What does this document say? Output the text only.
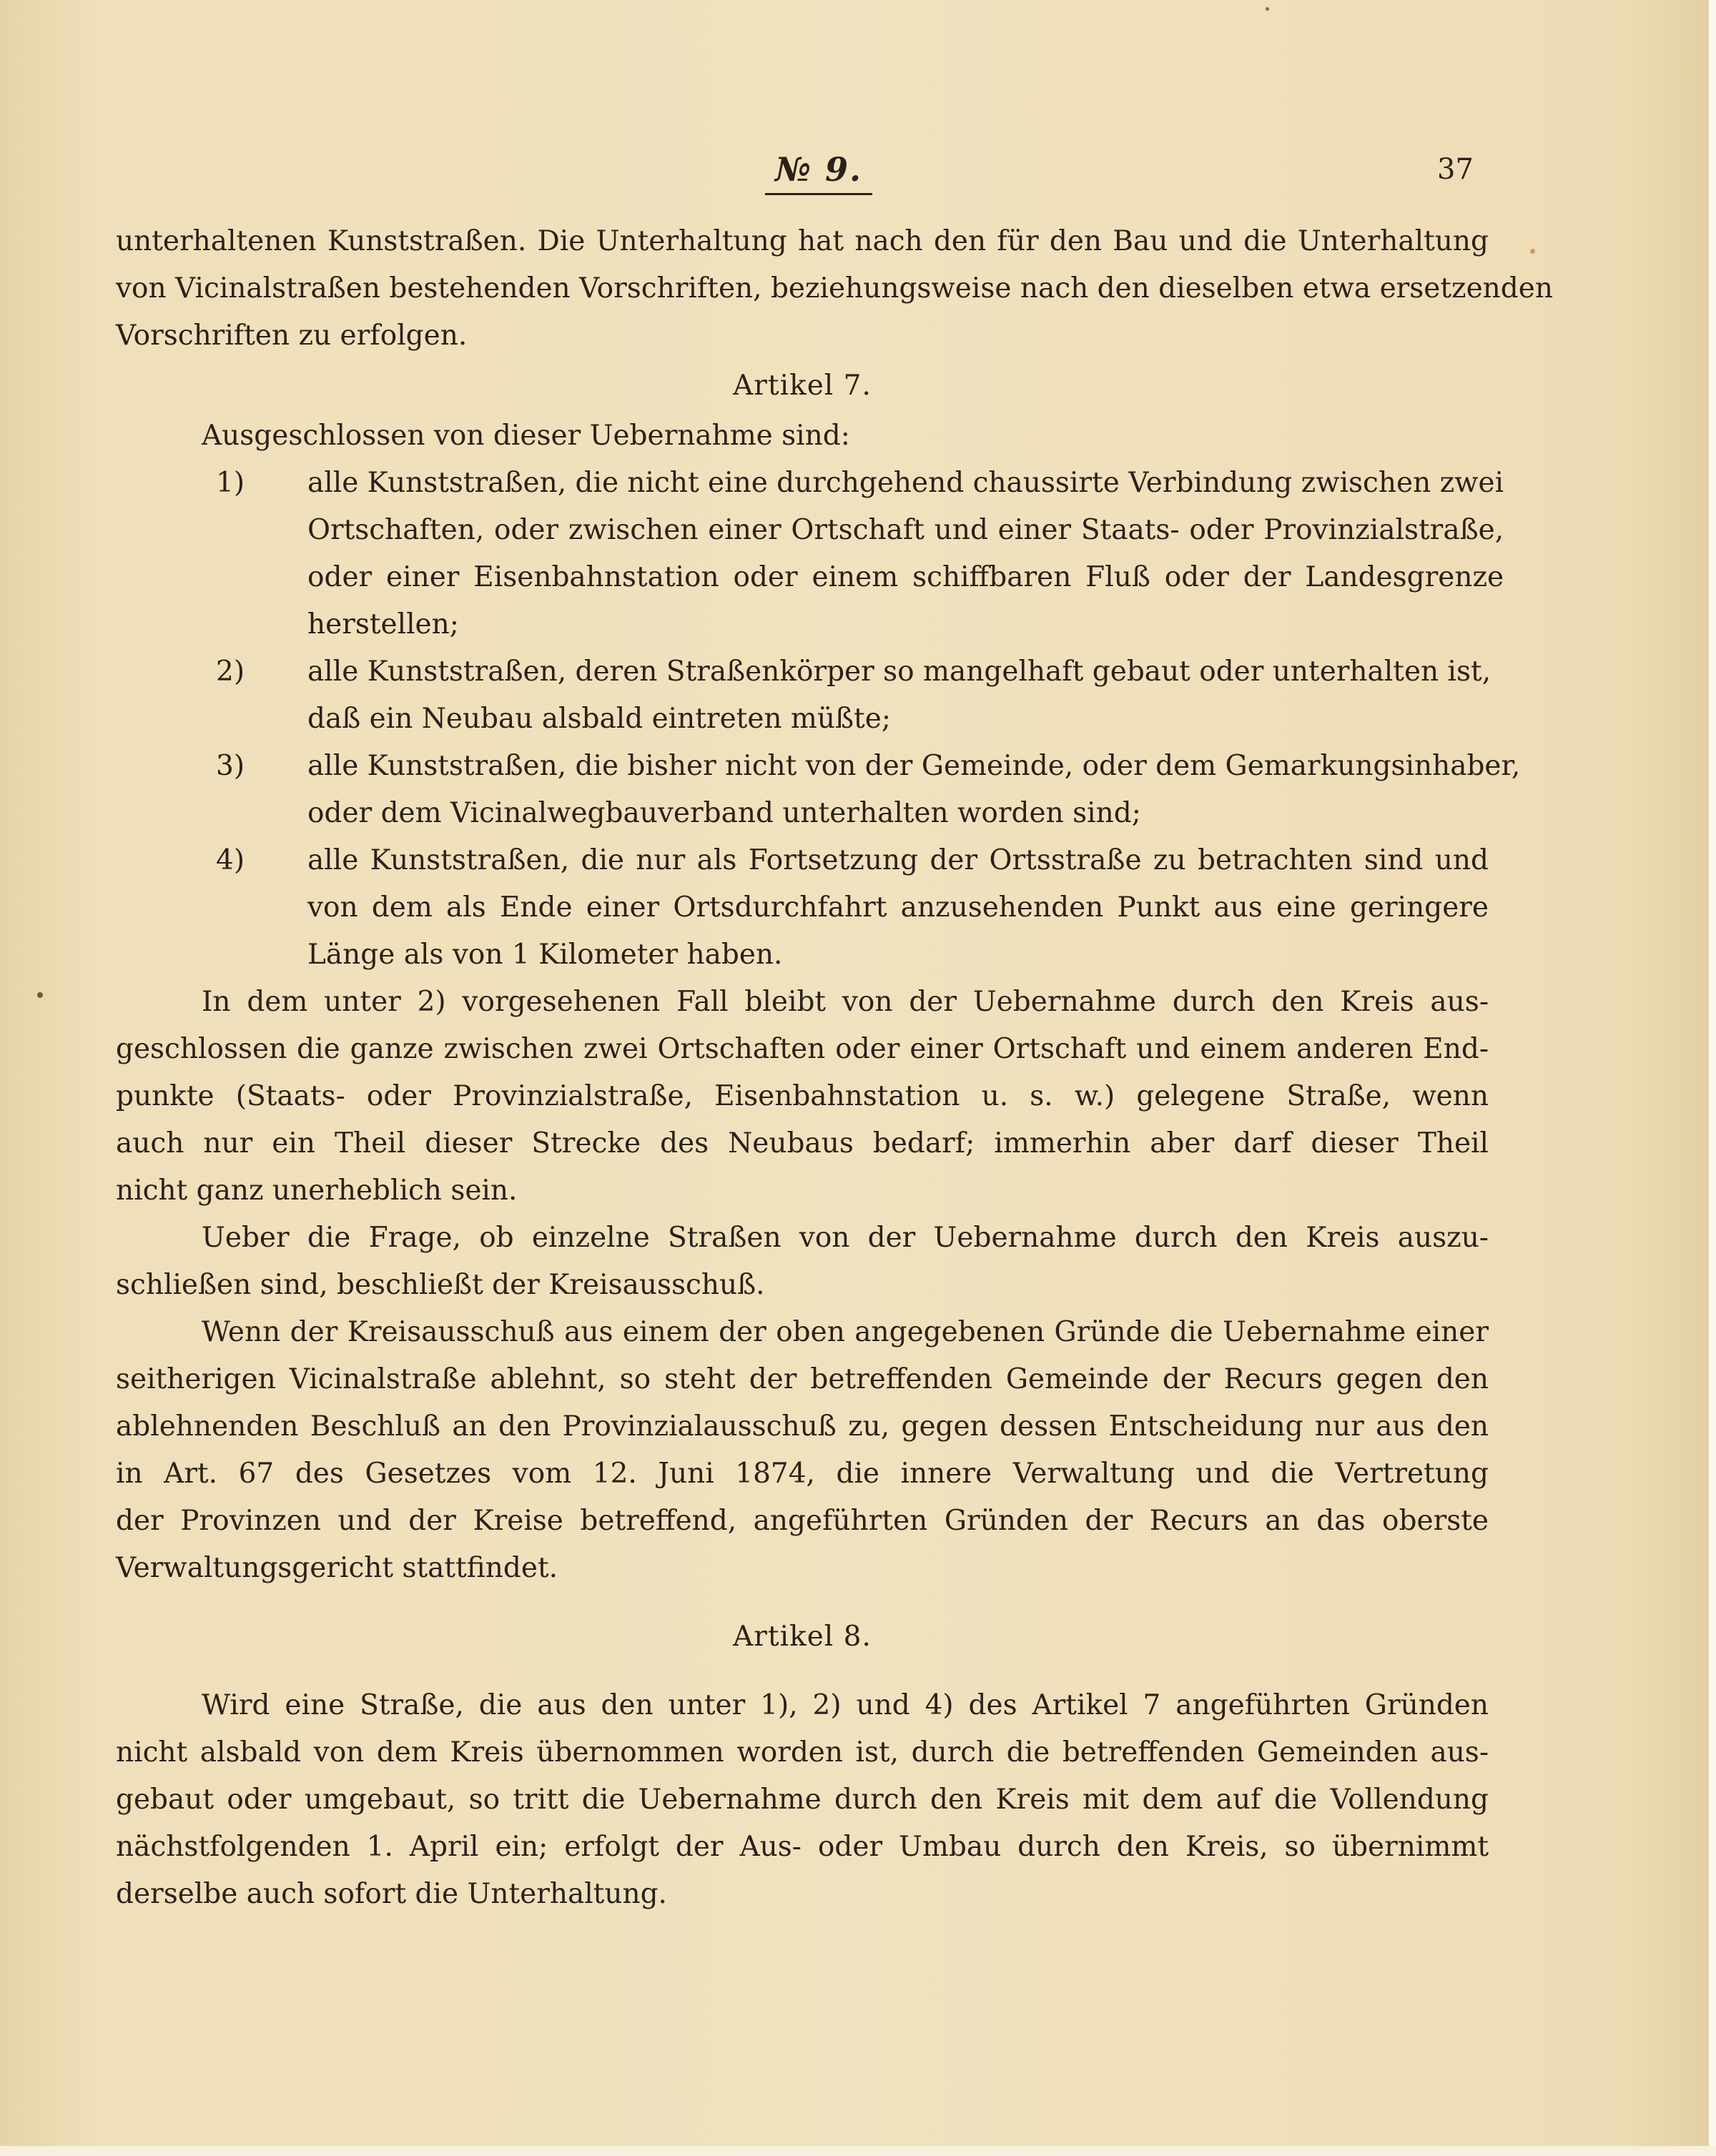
№ 9.	37
unterhaltenen Kunststraßen. Die Unterhaltung hat nach den für den Bau und die Unterhaltung
von Vicinalstraßen bestehenden Vorschriften, beziehungsweise nach den dieselben etwa ersetzenden
Vorschriften zu erfolgen.
Artikel 7.
Ausgeschlossen von dieser Uebernahme sind:
1)	alle Kunststraßen, die nicht eine durchgehend chaussirte Verbindung zwischen zwei
Ortschaften, oder zwischen einer Ortschaft und einer Staats- oder Provinzialstraße,
oder einer Eisenbahnstation oder einem schiffbaren Fluß oder der Landesgrenze
herstellen;
2)	alle Kunststraßen, deren Straßenkörper so mangelhaft gebaut oder unterhalten ist,
daß ein Neubau alsbald eintreten müßte;
3)	alle Kunststraßen, die bisher nicht von der Gemeinde, oder dem Gemarkungsinhaber,
oder dem Vicinalwegbauverband unterhalten worden sind;
4)	alle Kunststraßen, die nur als Fortsetzung der Ortsstraße zu betrachten sind und
von dem als Ende einer Ortsdurchfahrt anzusehenden Punkt aus eine geringere
Länge als von 1 Kilometer haben.
In dem unter 2) vorgesehenen Fall bleibt von der Uebernahme durch den Kreis aus-
geschlossen die ganze zwischen zwei Ortschaften oder einer Ortschaft und einem anderen End-
punkte (Staats- oder Provinzialstraße, Eisenbahnstation u. s. w.) gelegene Straße, wenn
auch nur ein Theil dieser Strecke des Neubaus bedarf; immerhin aber darf dieser Theil
nicht ganz unerheblich sein.
Ueber die Frage, ob einzelne Straßen von der Uebernahme durch den Kreis auszu-
schließen sind, beschließt der Kreisausschuß.
Wenn der Kreisausschuß aus einem der oben angegebenen Gründe die Uebernahme einer
seitherigen Vicinalstraße ablehnt, so steht der betreffenden Gemeinde der Recurs gegen den
ablehnenden Beschluß an den Provinzialausschuß zu, gegen dessen Entscheidung nur aus den
in Art. 67 des Gesetzes vom 12. Juni 1874, die innere Verwaltung und die Vertretung
der Provinzen und der Kreise betreffend, angeführten Gründen der Recurs an das oberste
Verwaltungsgericht stattfindet.
Artikel 8.
Wird eine Straße, die aus den unter 1), 2) und 4) des Artikel 7 angeführten Gründen
nicht alsbald von dem Kreis übernommen worden ist, durch die betreffenden Gemeinden aus-
gebaut oder umgebaut, so tritt die Uebernahme durch den Kreis mit dem auf die Vollendung
nächstfolgenden 1. April ein; erfolgt der Aus- oder Umbau durch den Kreis, so übernimmt
derselbe auch sofort die Unterhaltung.
